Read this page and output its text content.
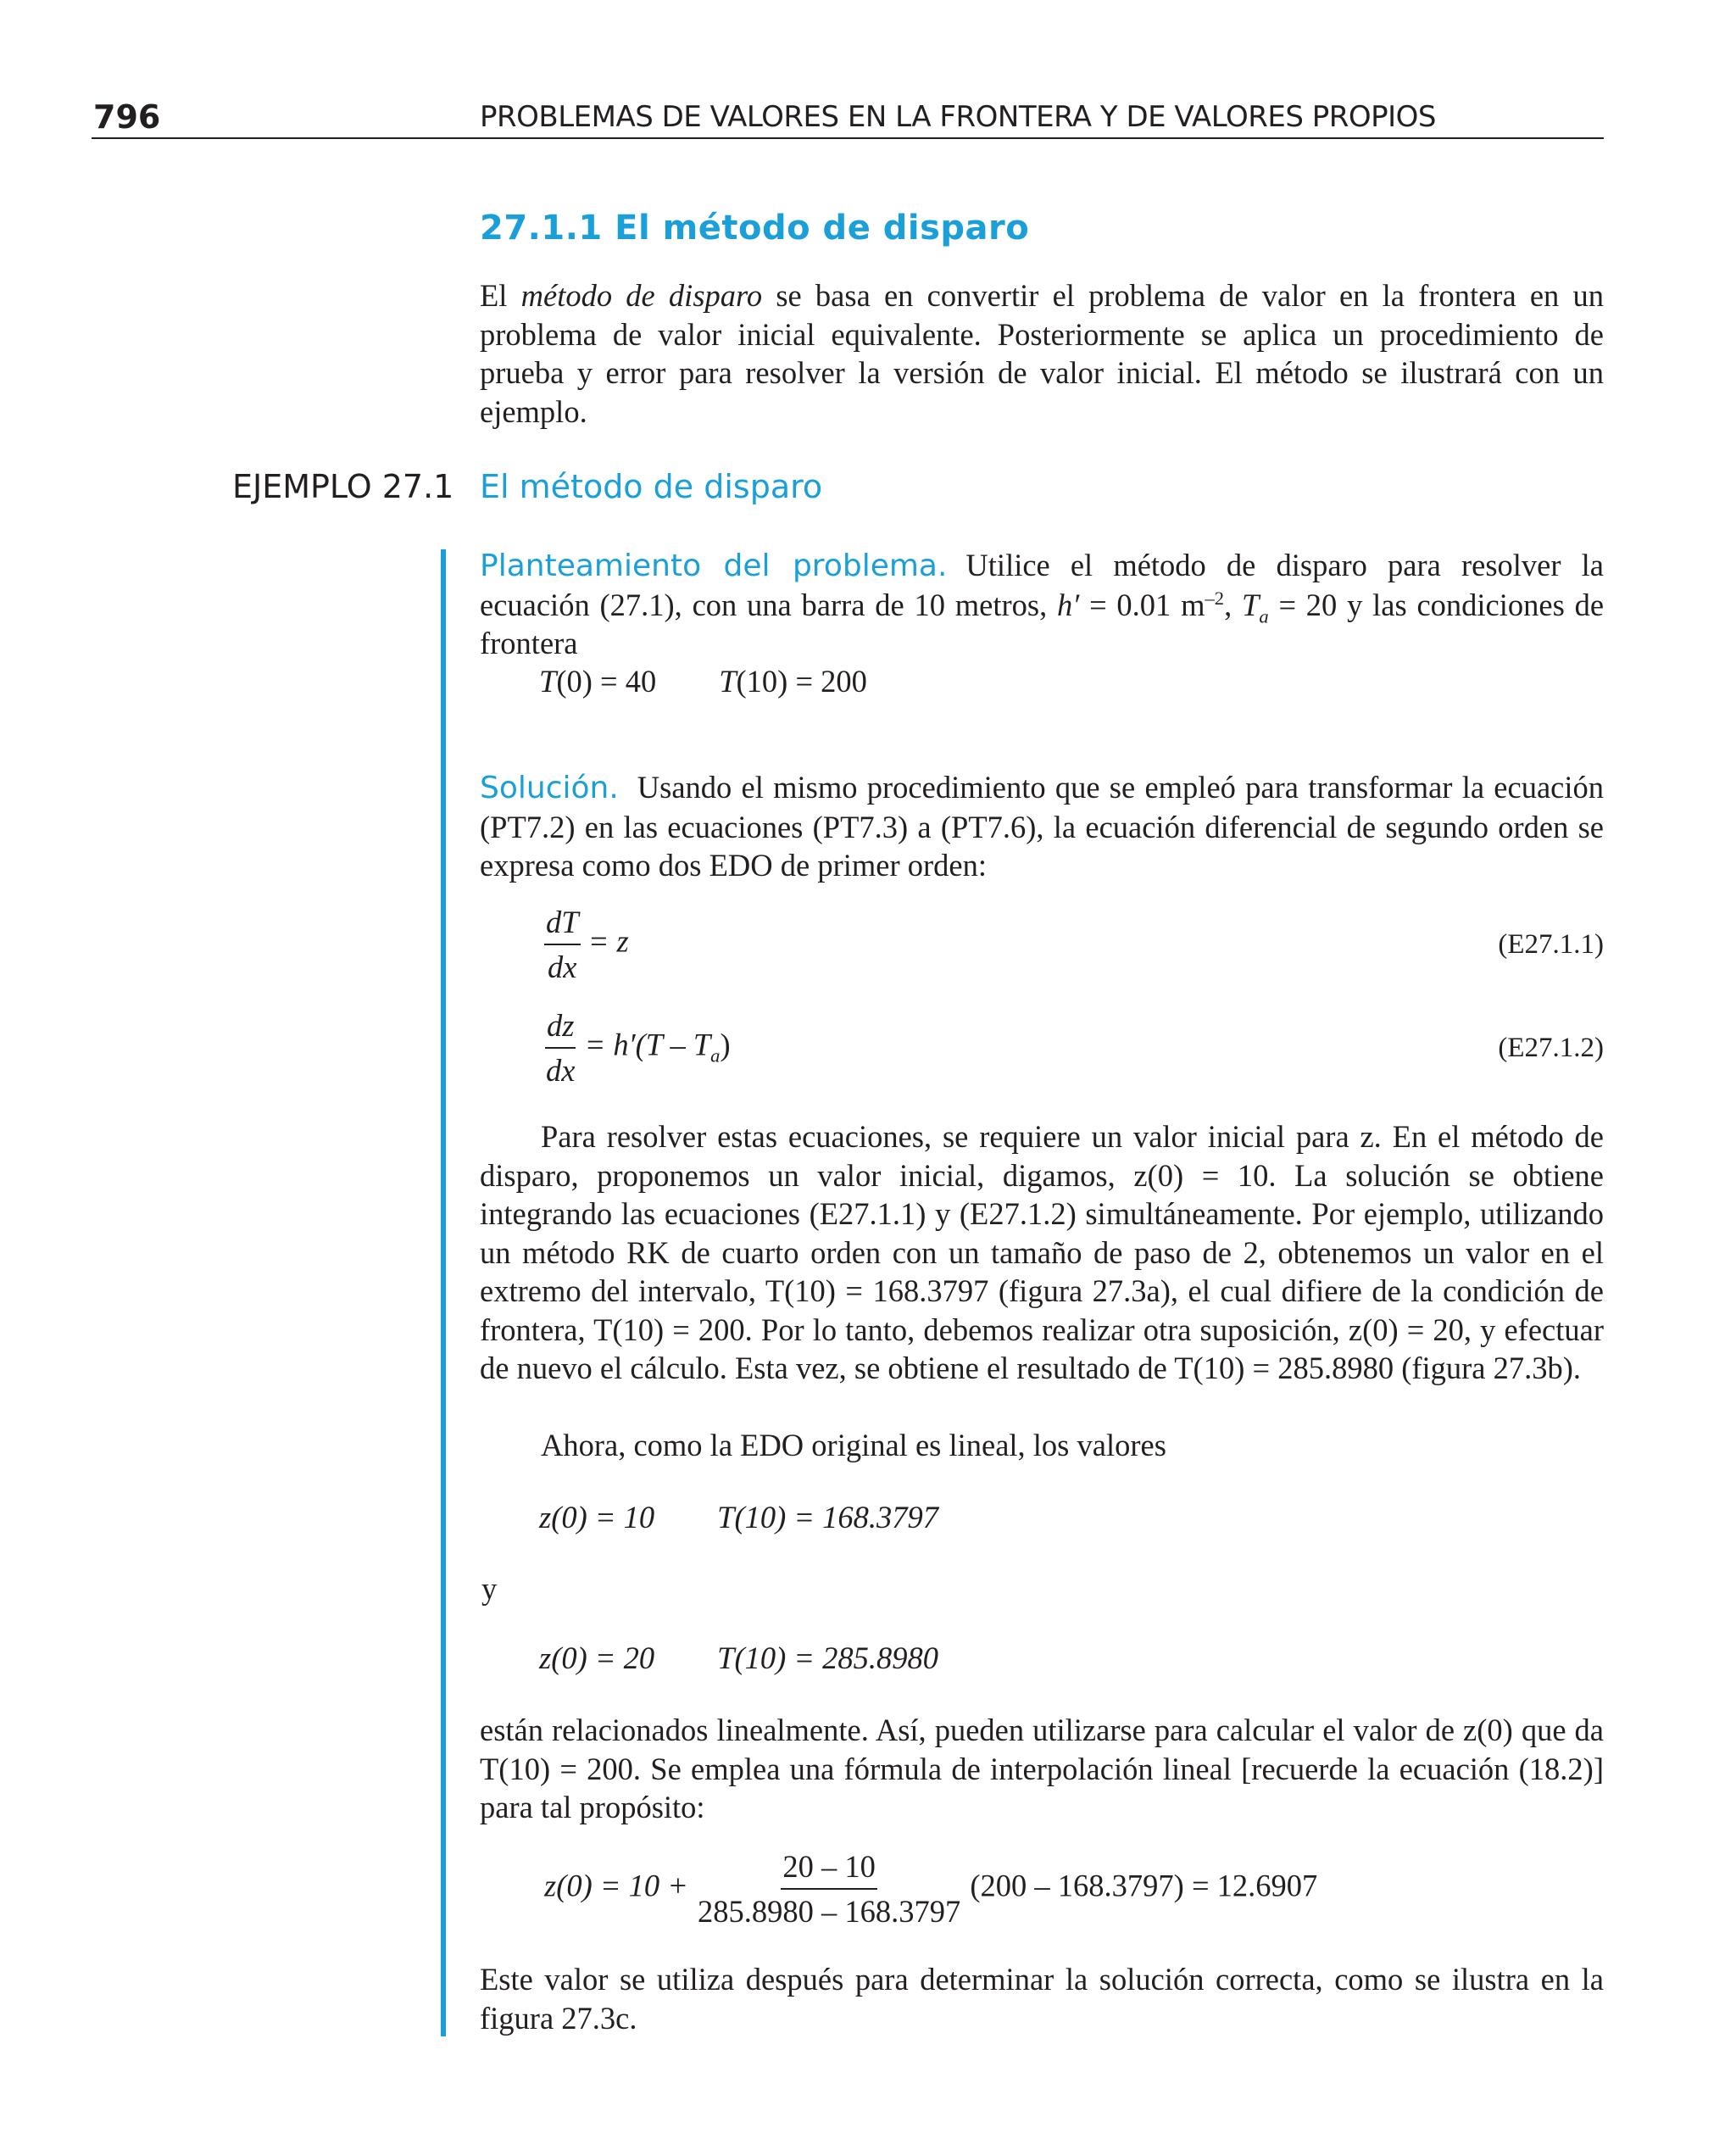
796	PROBLEMAS DE VALORES EN LA FRONTERA Y DE VALORES PROPIOS
27.1.1 El método de disparo
El método de disparo se basa en convertir el problema de valor en la frontera en un problema de valor inicial equivalente. Posteriormente se aplica un procedimiento de prueba y error para resolver la versión de valor inicial. El método se ilustrará con un ejemplo.
EJEMPLO 27.1 El método de disparo
Planteamiento del problema. Utilice el método de disparo para resolver la ecuación (27.1), con una barra de 10 metros, h′ = 0.01 $m^{-2}$, $T_a = 20$ y las condiciones de frontera
T(0) = 40 T(10) = 200
Solución. Usando el mismo procedimiento que se empleó para transformar la ecuación (PT7.2) en las ecuaciones (PT7.3) a (PT7.6), la ecuación diferencial de segundo orden se expresa como dos EDO de primer orden:
$\frac{dT}{dx} = z$	(E27.1.1)
$\frac{dz}{dx} = h'(T - T_a)$	(E27.1.2)
Para resolver estas ecuaciones, se requiere un valor inicial para z. En el método de disparo, proponemos un valor inicial, digamos, z(0) = 10. La solución se obtiene integrando las ecuaciones (E27.1.1) y (E27.1.2) simultáneamente. Por ejemplo, utilizando un método RK de cuarto orden con un tamaño de paso de 2, obtenemos un valor en el extremo del intervalo, T(10) = 168.3797 (figura 27.3a), el cual difiere de la condición de frontera, T(10) = 200. Por lo tanto, debemos realizar otra suposición, z(0) = 20, y efectuar de nuevo el cálculo. Esta vez, se obtiene el resultado de T(10) = 285.8980 (figura 27.3b).
Ahora, como la EDO original es lineal, los valores
z(0) = 10 T(10) = 168.3797
y
z(0) = 20 T(10) = 285.8980
están relacionados linealmente. Así, pueden utilizarse para calcular el valor de z(0) que da T(10) = 200. Se emplea una fórmula de interpolación lineal [recuerde la ecuación (18.2)] para tal propósito:
$z(0) = 10 + \frac{20 - 10}{285.8980 - 168.3797} (200 - 168.3797) = 12.6907$
Este valor se utiliza después para determinar la solución correcta, como se ilustra en la figura 27.3c.
